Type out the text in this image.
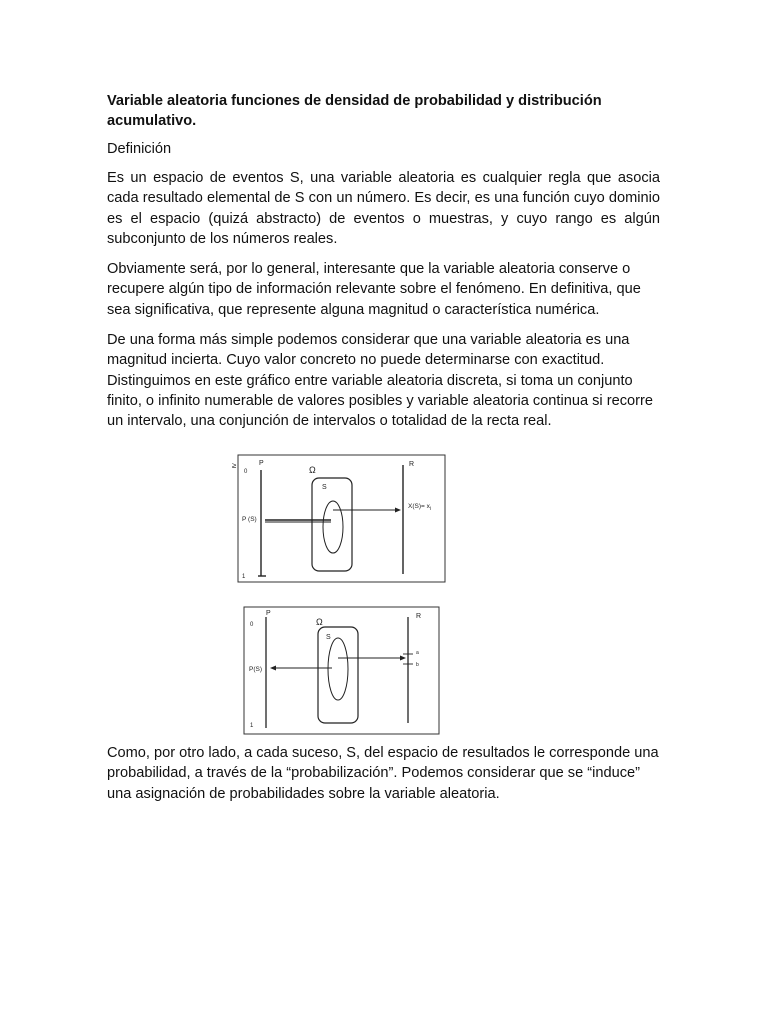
Variable aleatoria funciones de densidad de probabilidad y distribución acumulativo.

Definición

Es un espacio de eventos S, una variable aleatoria es cualquier regla que asocia cada resultado elemental de S con un número. Es decir, es una función cuyo dominio es el espacio (quizá abstracto) de eventos o muestras, y cuyo rango es algún subconjunto de los números reales.

Obviamente será, por lo general, interesante que la variable aleatoria conserve o recupere algún tipo de información relevante sobre el fenómeno. En definitiva, que sea significativa, que represente alguna magnitud o característica numérica.

De una forma más simple podemos considerar que una variable aleatoria es una magnitud incierta. Cuyo valor concreto no puede determinarse con exactitud. Distinguimos en este gráfico entre variable aleatoria discreta, si toma un conjunto finito, o infinito numerable de valores posibles y variable aleatoria continua si recorre un intervalo, una conjunción de intervalos o totalidad de la recta real.

≥	P
0
1
Ω
S
P (S)
R
$X(S)= x_i$
P
0
1
Ω
S
P(S)
R
a
b

Como, por otro lado, a cada suceso, S, del espacio de resultados le corresponde una probabilidad, a través de la “probabilización”. Podemos considerar que se “induce” una asignación de probabilidades sobre la variable aleatoria.
